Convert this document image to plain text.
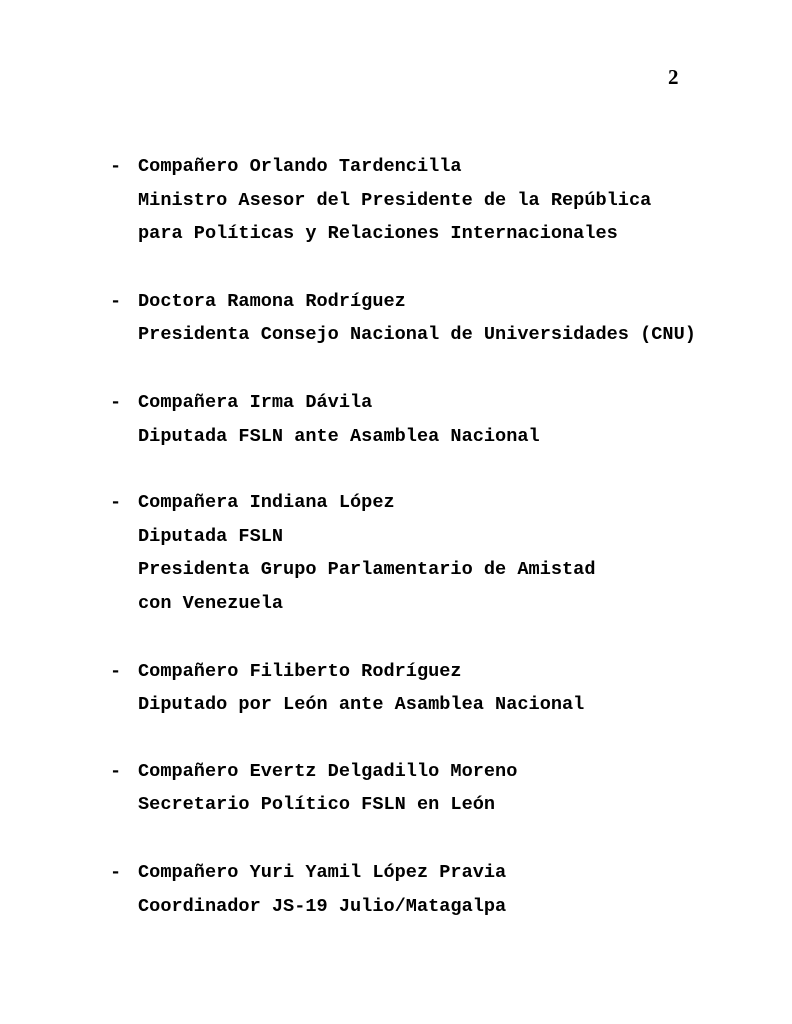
2
- Compañero Orlando Tardencilla
Ministro Asesor del Presidente de la República
para Políticas y Relaciones Internacionales
- Doctora Ramona Rodríguez
Presidenta Consejo Nacional de Universidades (CNU)
- Compañera Irma Dávila
Diputada FSLN ante Asamblea Nacional
- Compañera Indiana López
Diputada FSLN
Presidenta Grupo Parlamentario de Amistad
con Venezuela
- Compañero Filiberto Rodríguez
Diputado por León ante Asamblea Nacional
- Compañero Evertz Delgadillo Moreno
Secretario Político FSLN en León
- Compañero Yuri Yamil López Pravia
Coordinador JS-19 Julio/Matagalpa
